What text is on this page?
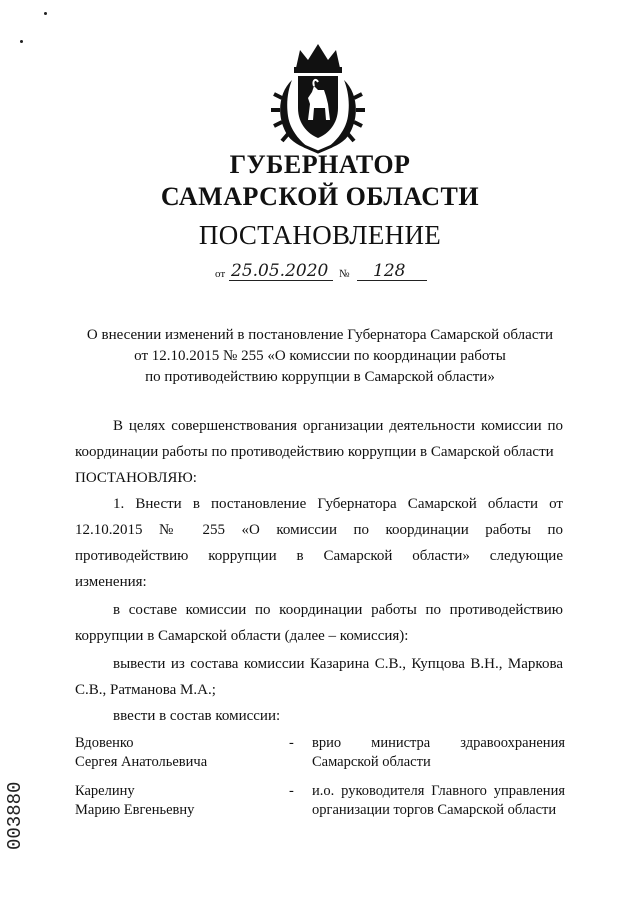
ГУБЕРНАТОР
САМАРСКОЙ ОБЛАСТИ
ПОСТАНОВЛЕНИЕ
от 25.05.2020 № 128
О внесении изменений в постановление Губернатора Самарской области
от 12.10.2015 № 255 «О комиссии по координации работы
по противодействию коррупции в Самарской области»
В целях совершенствования организации деятельности комиссии по координации работы по противодействию коррупции в Самарской области
ПОСТАНОВЛЯЮ:
1. Внести в постановление Губернатора Самарской области от 12.10.2015 № 255 «О комиссии по координации работы по противодействию коррупции в Самарской области» следующие
изменения:
в составе комиссии по координации работы по противодействию коррупции в Самарской области (далее – комиссия):
вывести из состава комиссии Казарина С.В., Купцова В.Н., Маркова С.В., Ратманова М.А.;
ввести в состав комиссии:
Вдовенко
Сергея Анатольевича
- врио министра здравоохранения Самарской области
Карелину
Марию Евгеньевну
- и.о. руководителя Главного управления организации торгов Самарской области
003880
